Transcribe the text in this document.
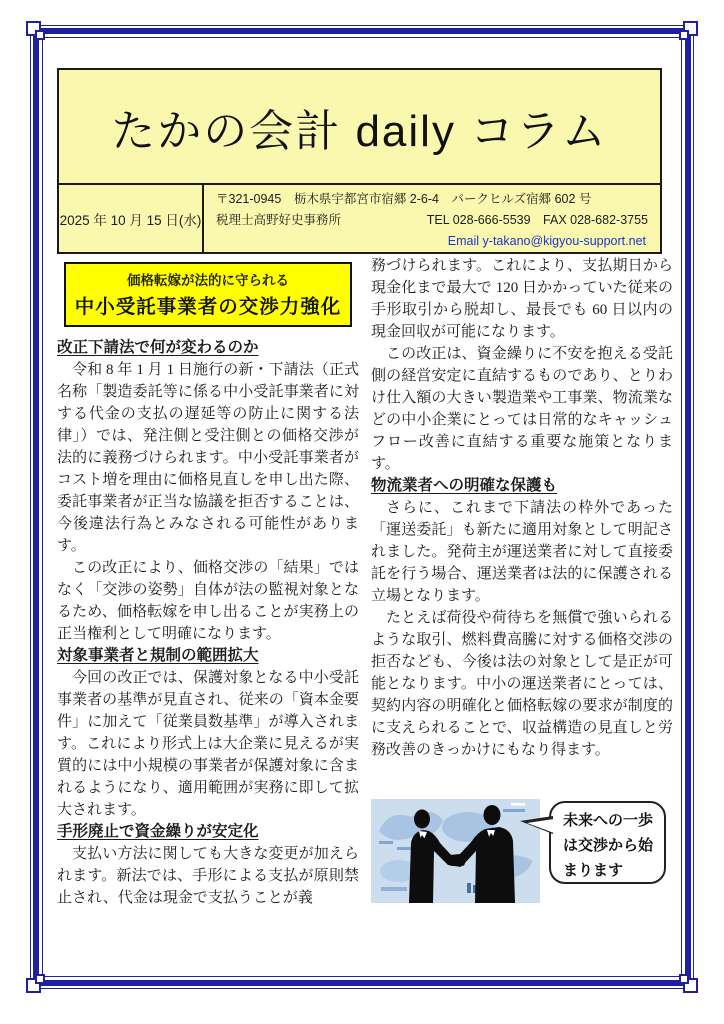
たかの会計 daily コラム
2025 年 10 月 15 日(水)
〒321-0945　栃木県宇都宮市宿郷 2-6-4　パークヒルズ宿郷 602 号
税理士高野好史事務所	TEL 028-666-5539　FAX 028-682-3755
Email y-takano@kigyou-support.net
価格転嫁が法的に守られる
中小受託事業者の交渉力強化
改正下請法で何が変わるのか

令和 8 年 1 月 1 日施行の新・下請法（正式名称「製造委託等に係る中小受託事業者に対する代金の支払の遅延等の防止に関する法律」）では、発注側と受注側との価格交渉が法的に義務づけられます。中小受託事業者がコスト増を理由に価格見直しを申し出た際、委託事業者が正当な協議を拒否することは、今後違法行為とみなされる可能性があります。

この改正により、価格交渉の「結果」ではなく「交渉の姿勢」自体が法の監視対象となるため、価格転嫁を申し出ることが実務上の正当権利として明確になります。

対象事業者と規制の範囲拡大

今回の改正では、保護対象となる中小受託事業者の基準が見直され、従来の「資本金要件」に加えて「従業員数基準」が導入されます。これにより形式上は大企業に見えるが実質的には中小規模の事業者が保護対象に含まれるようになり、適用範囲が実務に即して拡大されます。

手形廃止で資金繰りが安定化

支払い方法に関しても大きな変更が加えられます。新法では、手形による支払が原則禁止され、代金は現金で支払うことが義

務づけられます。これにより、支払期日から現金化まで最大で 120 日かかっていた従来の手形取引から脱却し、最長でも 60 日以内の現金回収が可能になります。

この改正は、資金繰りに不安を抱える受託側の経営安定に直結するものであり、とりわけ仕入額の大きい製造業や工事業、物流業などの中小企業にとっては日常的なキャッシュフロー改善に直結する重要な施策となります。

物流業者への明確な保護も

さらに、これまで下請法の枠外であった「運送委託」も新たに適用対象として明記されました。発荷主が運送業者に対して直接委託を行う場合、運送業者は法的に保護される立場となります。

たとえば荷役や荷待ちを無償で強いられるような取引、燃料費高騰に対する価格交渉の拒否なども、今後は法の対象として是正が可能となります。中小の運送業者にとっては、契約内容の明確化と価格転嫁の要求が制度的に支えられることで、収益構造の見直しと労務改善のきっかけにもなり得ます。

未来への一歩
は交渉から始
まります
